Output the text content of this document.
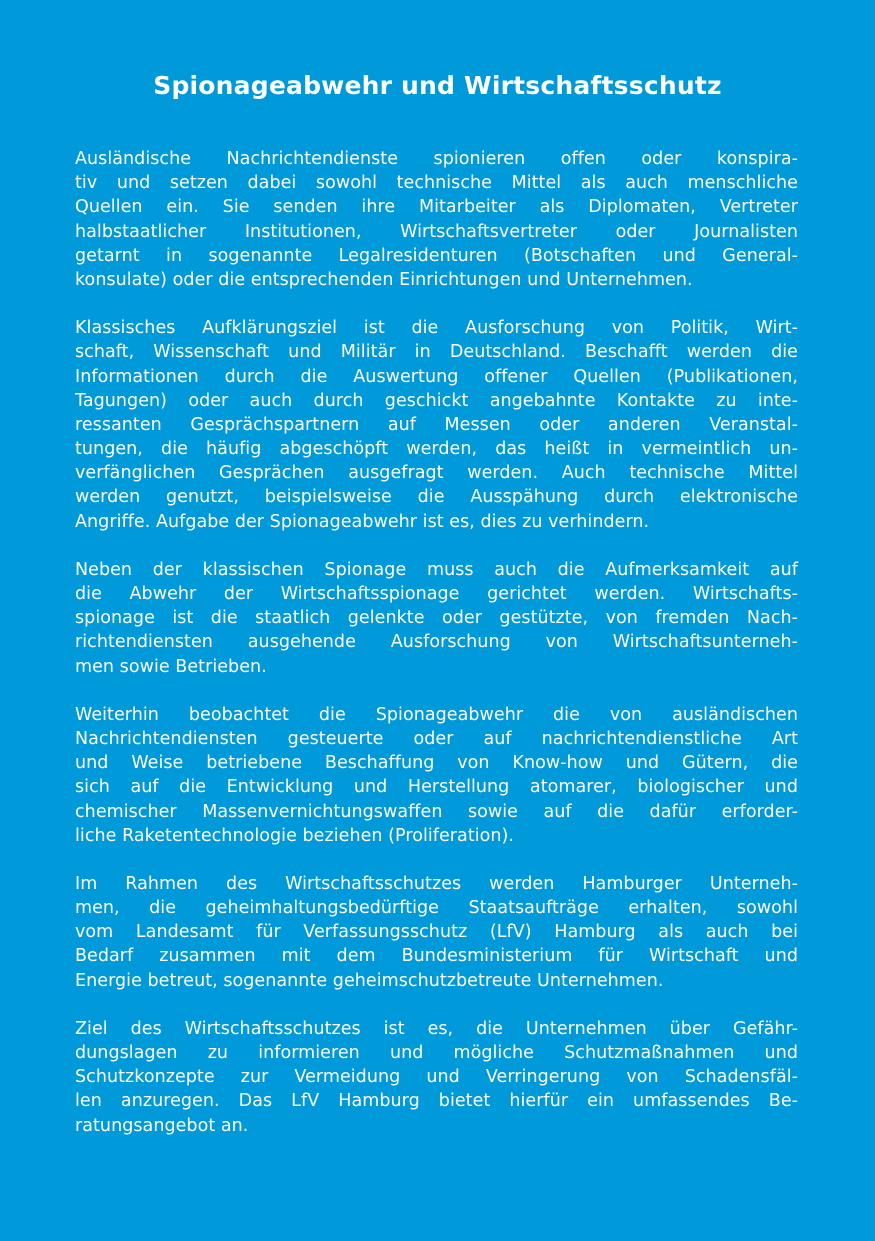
Spionageabwehr und Wirtschaftsschutz

Ausländische Nachrichtendienste spionieren offen oder konspira-
tiv und setzen dabei sowohl technische Mittel als auch menschliche
Quellen ein. Sie senden ihre Mitarbeiter als Diplomaten, Vertreter
halbstaatlicher Institutionen, Wirtschaftsvertreter oder Journalisten
getarnt in sogenannte Legalresidenturen (Botschaften und General-
konsulate) oder die entsprechenden Einrichtungen und Unternehmen.

Klassisches Aufklärungsziel ist die Ausforschung von Politik, Wirt-
schaft, Wissenschaft und Militär in Deutschland. Beschafft werden die
Informationen durch die Auswertung offener Quellen (Publikationen,
Tagungen) oder auch durch geschickt angebahnte Kontakte zu inte-
ressanten Gesprächspartnern auf Messen oder anderen Veranstal-
tungen, die häufig abgeschöpft werden, das heißt in vermeintlich un-
verfänglichen Gesprächen ausgefragt werden. Auch technische Mittel
werden genutzt, beispielsweise die Ausspähung durch elektronische
Angriffe. Aufgabe der Spionageabwehr ist es, dies zu verhindern.

Neben der klassischen Spionage muss auch die Aufmerksamkeit auf
die Abwehr der Wirtschaftsspionage gerichtet werden. Wirtschafts-
spionage ist die staatlich gelenkte oder gestützte, von fremden Nach-
richtendiensten ausgehende Ausforschung von Wirtschaftsunterneh-
men sowie Betrieben.

Weiterhin beobachtet die Spionageabwehr die von ausländischen
Nachrichtendiensten gesteuerte oder auf nachrichtendienstliche Art
und Weise betriebene Beschaffung von Know-how und Gütern, die
sich auf die Entwicklung und Herstellung atomarer, biologischer und
chemischer Massenvernichtungswaffen sowie auf die dafür erforder-
liche Raketentechnologie beziehen (Proliferation).

Im Rahmen des Wirtschaftsschutzes werden Hamburger Unterneh-
men, die geheimhaltungsbedürftige Staatsaufträge erhalten, sowohl
vom Landesamt für Verfassungsschutz (LfV) Hamburg als auch bei
Bedarf zusammen mit dem Bundesministerium für Wirtschaft und
Energie betreut, sogenannte geheimschutzbetreute Unternehmen.

Ziel des Wirtschaftsschutzes ist es, die Unternehmen über Gefähr-
dungslagen zu informieren und mögliche Schutzmaßnahmen und
Schutzkonzepte zur Vermeidung und Verringerung von Schadensfäl-
len anzuregen. Das LfV Hamburg bietet hierfür ein umfassendes Be-
ratungsangebot an.
